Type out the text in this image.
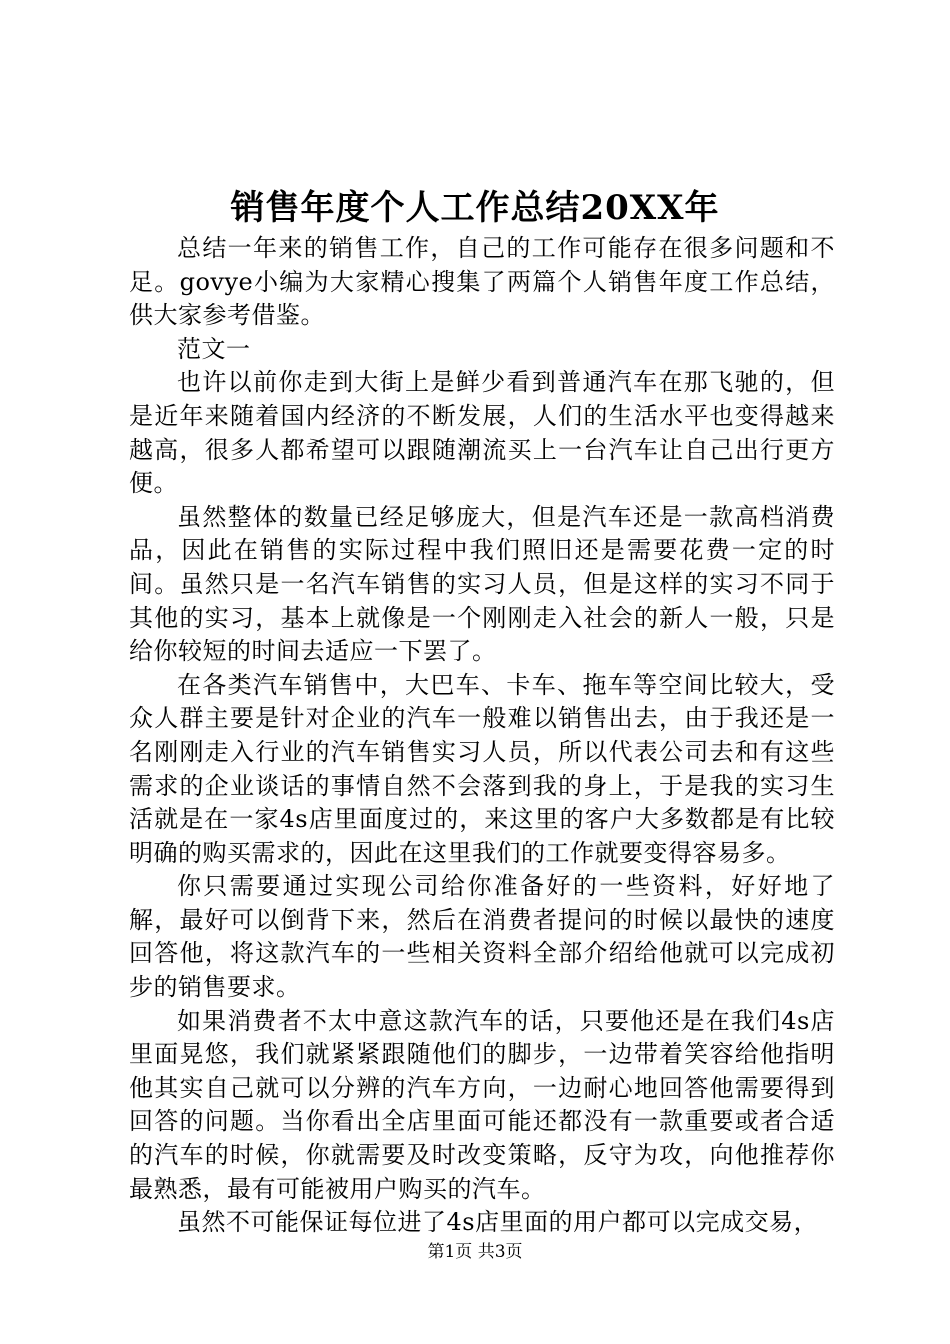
销售年度个人工作总结20XX年

总结一年来的销售工作，自己的工作可能存在很多问题和不足。govye小编为大家精心搜集了两篇个人销售年度工作总结，供大家参考借鉴。

范文一

也许以前你走到大街上是鲜少看到普通汽车在那飞驰的，但是近年来随着国内经济的不断发展，人们的生活水平也变得越来越高，很多人都希望可以跟随潮流买上一台汽车让自己出行更方便。

虽然整体的数量已经足够庞大，但是汽车还是一款高档消费品，因此在销售的实际过程中我们照旧还是需要花费一定的时间。虽然只是一名汽车销售的实习人员，但是这样的实习不同于其他的实习，基本上就像是一个刚刚走入社会的新人一般，只是给你较短的时间去适应一下罢了。

在各类汽车销售中，大巴车、卡车、拖车等空间比较大，受众人群主要是针对企业的汽车一般难以销售出去，由于我还是一名刚刚走入行业的汽车销售实习人员，所以代表公司去和有这些需求的企业谈话的事情自然不会落到我的身上，于是我的实习生活就是在一家4s店里面度过的，来这里的客户大多数都是有比较明确的购买需求的，因此在这里我们的工作就要变得容易多。

你只需要通过实现公司给你准备好的一些资料，好好地了解，最好可以倒背下来，然后在消费者提问的时候以最快的速度回答他，将这款汽车的一些相关资料全部介绍给他就可以完成初步的销售要求。

如果消费者不太中意这款汽车的话，只要他还是在我们4s店里面晃悠，我们就紧紧跟随他们的脚步，一边带着笑容给他指明他其实自己就可以分辨的汽车方向，一边耐心地回答他需要得到回答的问题。当你看出全店里面可能还都没有一款重要或者合适的汽车的时候，你就需要及时改变策略，反守为攻，向他推荐你最熟悉，最有可能被用户购买的汽车。

虽然不可能保证每位进了4s店里面的用户都可以完成交易，

第1页 共3页
